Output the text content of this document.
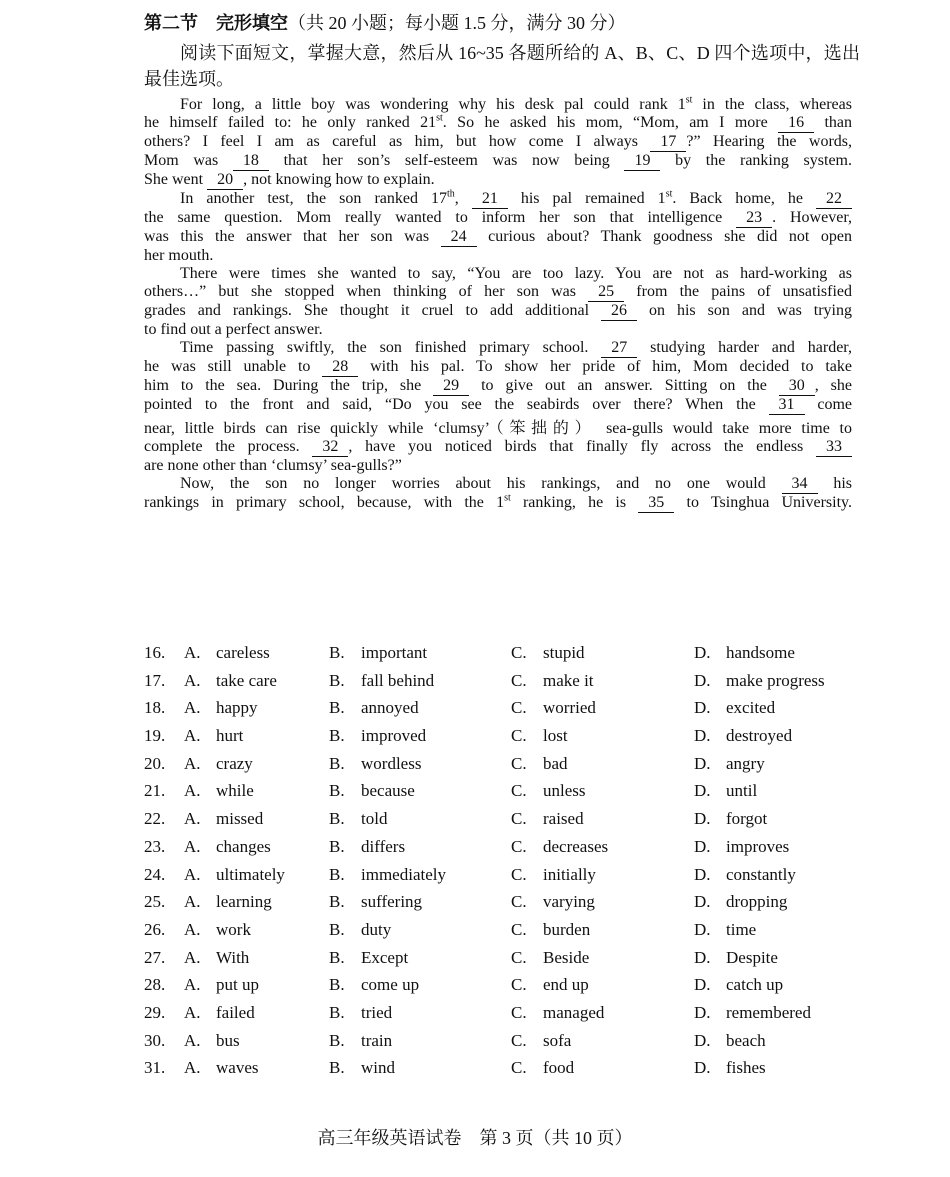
第二节　完形填空（共 20 小题；每小题 1.5 分，满分 30 分）
阅读下面短文，掌握大意，然后从 16~35 各题所给的 A、B、C、D 四个选项中，选出最佳选项。
For long, a little boy was wondering why his desk pal could rank 1st in the class, whereas
he himself failed to: he only ranked 21st. So he asked his mom, “Mom, am I more 16 than
others? I feel I am as careful as him, but how come I always 17 ?” Hearing the words,
Mom was 18 that her son’s self-esteem was now being 19 by the ranking system.
She went 20 , not knowing how to explain.
In another test, the son ranked 17th, 21 his pal remained 1st. Back home, he 22
the same question. Mom really wanted to inform her son that intelligence 23 . However,
was this the answer that her son was 24 curious about? Thank goodness she did not open
her mouth.
There were times she wanted to say, “You are too lazy. You are not as hard-working as
others…” but she stopped when thinking of her son was 25 from the pains of unsatisfied
grades and rankings. She thought it cruel to add additional 26 on his son and was trying
to find out a perfect answer.
Time passing swiftly, the son finished primary school. 27 studying harder and harder,
he was still unable to 28 with his pal. To show her pride of him, Mom decided to take
him to the sea. During the trip, she 29 to give out an answer. Sitting on the 30 , she
pointed to the front and said, “Do you see the seabirds over there? When the 31 come
near, little birds can rise quickly while ‘clumsy’（笨拙的） sea-gulls would take more time to
complete the process. 32 , have you noticed birds that finally fly across the endless 33
are none other than ‘clumsy’ sea-gulls?”
Now, the son no longer worries about his rankings, and no one would 34 his
rankings in primary school, because, with the 1st ranking, he is 35 to Tsinghua University.
16. A. careless	B. important	C. stupid	D. handsome
17. A. take care	B. fall behind	C. make it	D. make progress
18. A. happy	B. annoyed	C. worried	D. excited
19. A. hurt	B. improved	C. lost	D. destroyed
20. A. crazy	B. wordless	C. bad	D. angry
21. A. while	B. because	C. unless	D. until
22. A. missed	B. told	C. raised	D. forgot
23. A. changes	B. differs	C. decreases	D. improves
24. A. ultimately	B. immediately	C. initially	D. constantly
25. A. learning	B. suffering	C. varying	D. dropping
26. A. work	B. duty	C. burden	D. time
27. A. With	B. Except	C. Beside	D. Despite
28. A. put up	B. come up	C. end up	D. catch up
29. A. failed	B. tried	C. managed	D. remembered
30. A. bus	B. train	C. sofa	D. beach
31. A. waves	B. wind	C. food	D. fishes
高三年级英语试卷　第 3 页（共 10 页）
